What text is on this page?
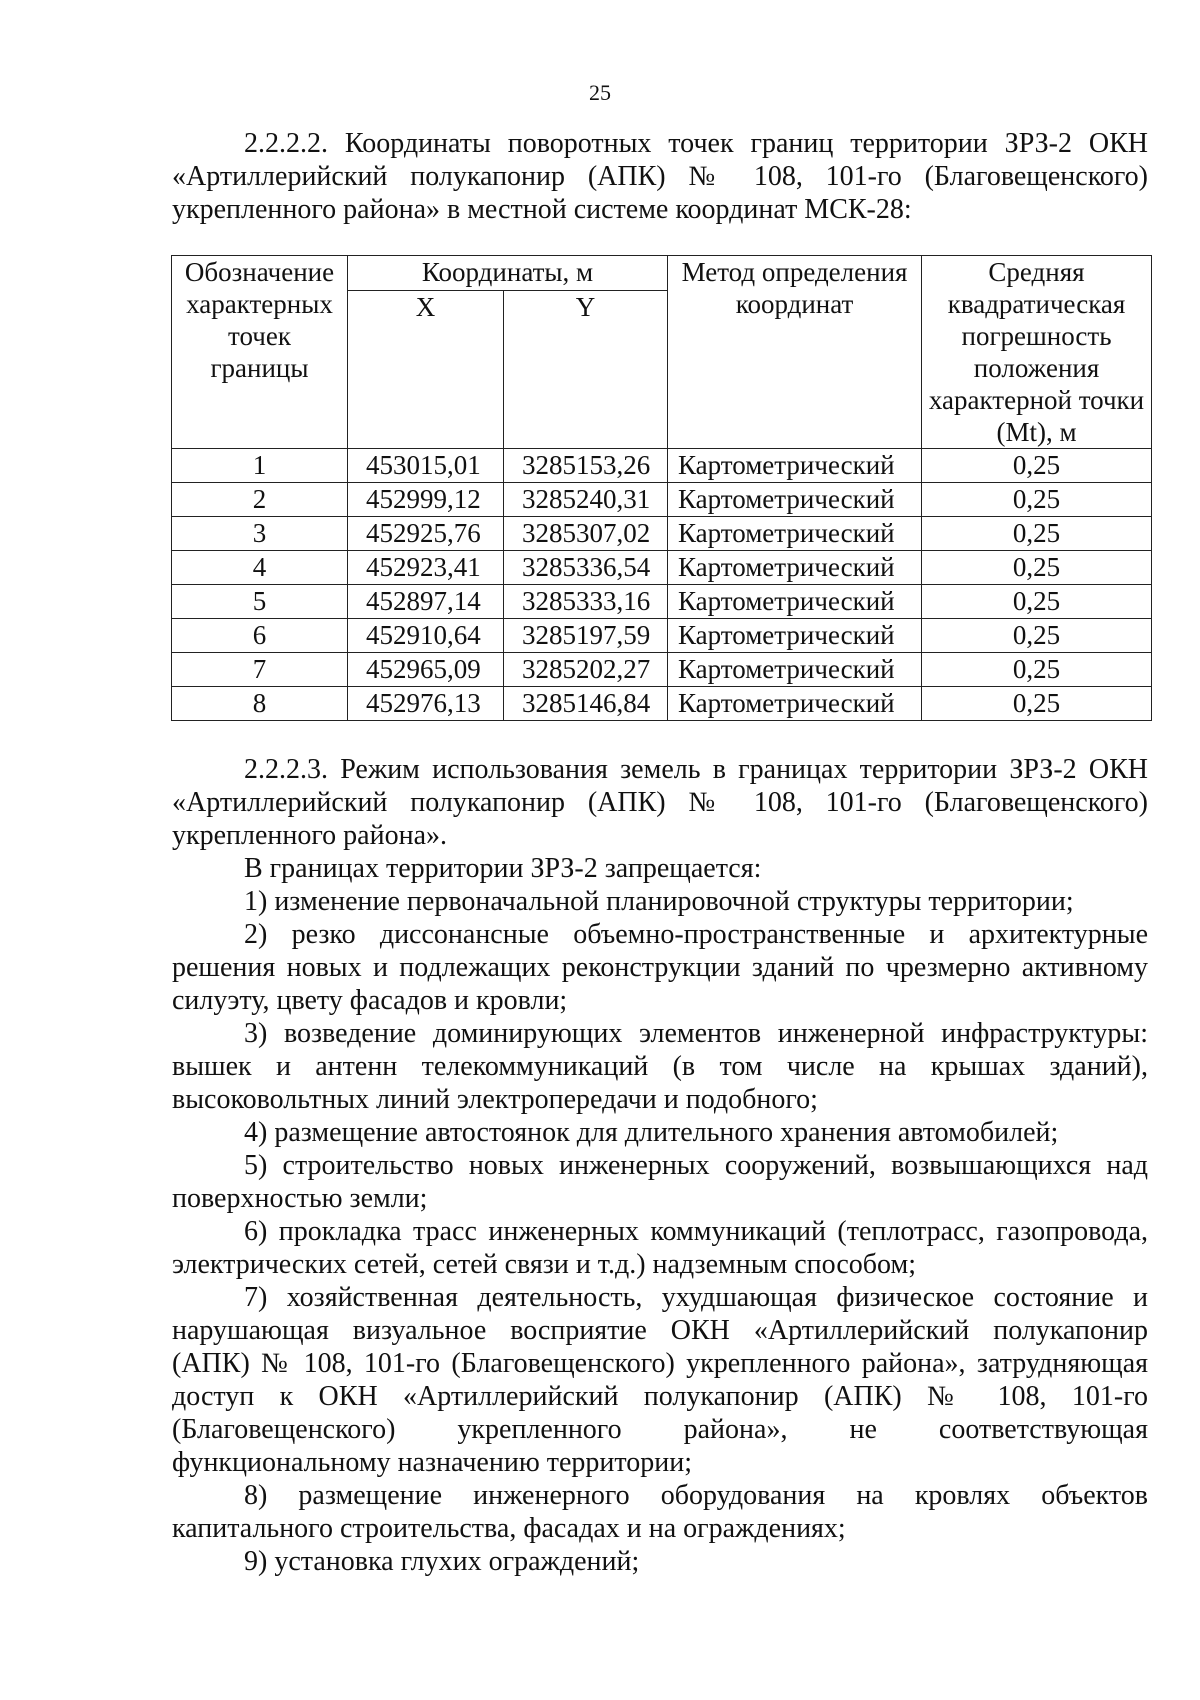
25

2.2.2.2. Координаты поворотных точек границ территории ЗРЗ-2 ОКН «Артиллерийский полукапонир (АПК) № 108, 101-го (Благовещенского) укрепленного района» в местной системе координат МСК-28:

Обозначение характерных точек границы	Координаты, м		Метод определения координат	Средняя квадратическая погрешность положения характерной точки (Mt), м
	X	Y		
1	453015,01	3285153,26	Картометрический	0,25
2	452999,12	3285240,31	Картометрический	0,25
3	452925,76	3285307,02	Картометрический	0,25
4	452923,41	3285336,54	Картометрический	0,25
5	452897,14	3285333,16	Картометрический	0,25
6	452910,64	3285197,59	Картометрический	0,25
7	452965,09	3285202,27	Картометрический	0,25
8	452976,13	3285146,84	Картометрический	0,25

2.2.2.3. Режим использования земель в границах территории ЗРЗ-2 ОКН «Артиллерийский полукапонир (АПК) № 108, 101-го (Благовещенского) укрепленного района».

В границах территории ЗРЗ-2 запрещается:

1) изменение первоначальной планировочной структуры территории;

2) резко диссонансные объемно-пространственные и архитектурные решения новых и подлежащих реконструкции зданий по чрезмерно активному силуэту, цвету фасадов и кровли;

3) возведение доминирующих элементов инженерной инфраструктуры: вышек и антенн телекоммуникаций (в том числе на крышах зданий), высоковольтных линий электропередачи и подобного;

4) размещение автостоянок для длительного хранения автомобилей;

5) строительство новых инженерных сооружений, возвышающихся над поверхностью земли;

6) прокладка трасс инженерных коммуникаций (теплотрасс, газопровода, электрических сетей, сетей связи и т.д.) надземным способом;

7) хозяйственная деятельность, ухудшающая физическое состояние и нарушающая визуальное восприятие ОКН «Артиллерийский полукапонир (АПК) № 108, 101-го (Благовещенского) укрепленного района», затрудняющая доступ к ОКН «Артиллерийский полукапонир (АПК) № 108, 101-го (Благовещенского) укрепленного района», не соответствующая функциональному назначению территории;

8) размещение инженерного оборудования на кровлях объектов капитального строительства, фасадах и на ограждениях;

9) установка глухих ограждений;
